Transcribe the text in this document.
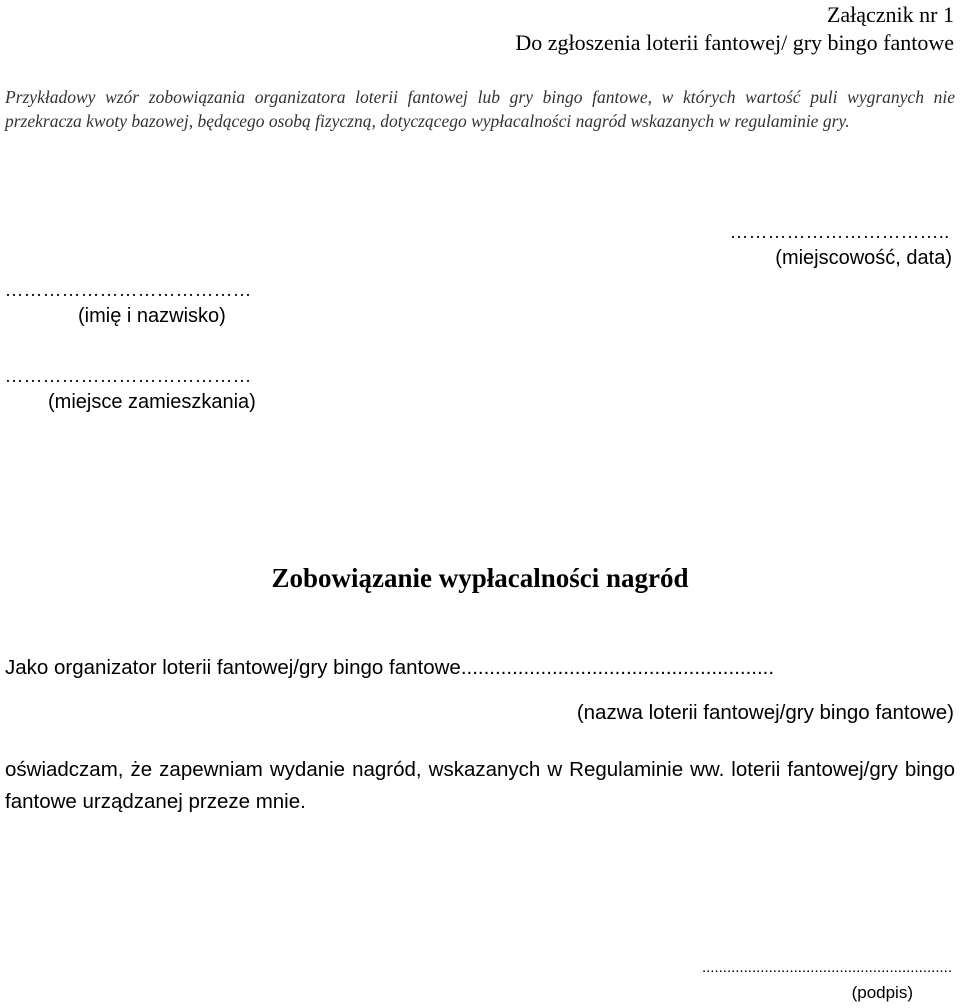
Załącznik nr 1
Do zgłoszenia loterii fantowej/ gry bingo fantowe
Przykładowy wzór zobowiązania organizatora loterii fantowej lub gry bingo fantowe, w których wartość puli wygranych nie przekracza kwoty bazowej, będącego osobą fizyczną, dotyczącego wypłacalności nagród wskazanych w regulaminie gry.
……………………………..
(miejscowość, data)
…………………………………
(imię i nazwisko)
…………………………………
(miejsce zamieszkania)
Zobowiązanie wypłacalności nagród
Jako organizator loterii fantowej/gry bingo fantowe.......................................................
(nazwa loterii fantowej/gry bingo fantowe)
oświadczam, że zapewniam wydanie nagród, wskazanych w Regulaminie ww. loterii fantowej/gry bingo fantowe urządzanej przeze mnie.
............................................................
(podpis)
